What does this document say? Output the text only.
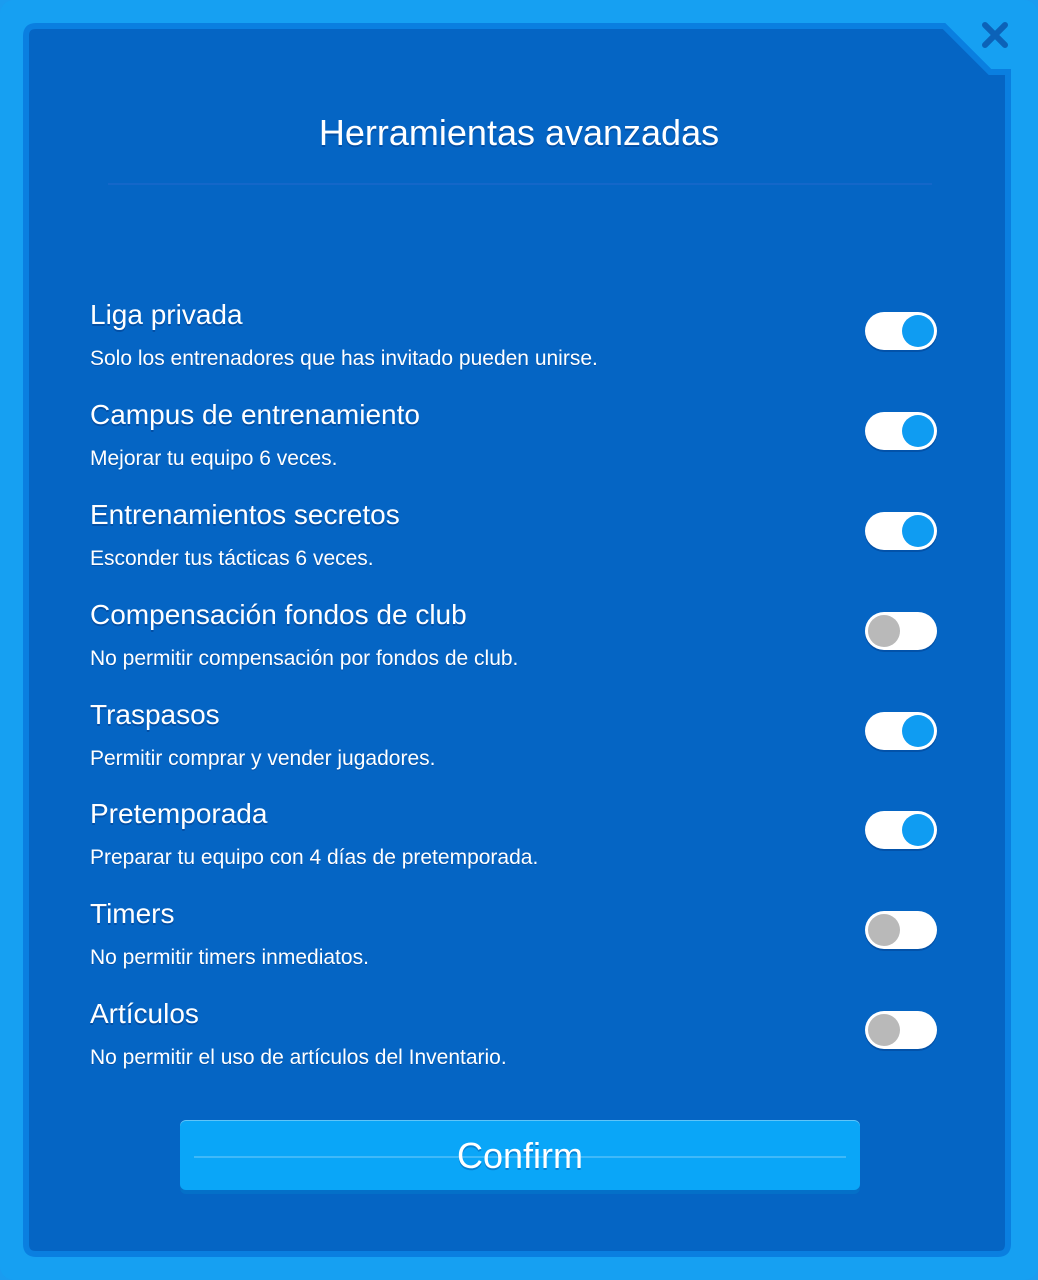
Herramientas avanzadas
Liga privada
Solo los entrenadores que has invitado pueden unirse.
Campus de entrenamiento
Mejorar tu equipo 6 veces.
Entrenamientos secretos
Esconder tus tácticas 6 veces.
Compensación fondos de club
No permitir compensación por fondos de club.
Traspasos
Permitir comprar y vender jugadores.
Pretemporada
Preparar tu equipo con 4 días de pretemporada.
Timers
No permitir timers inmediatos.
Artículos
No permitir el uso de artículos del Inventario.
Confirm
